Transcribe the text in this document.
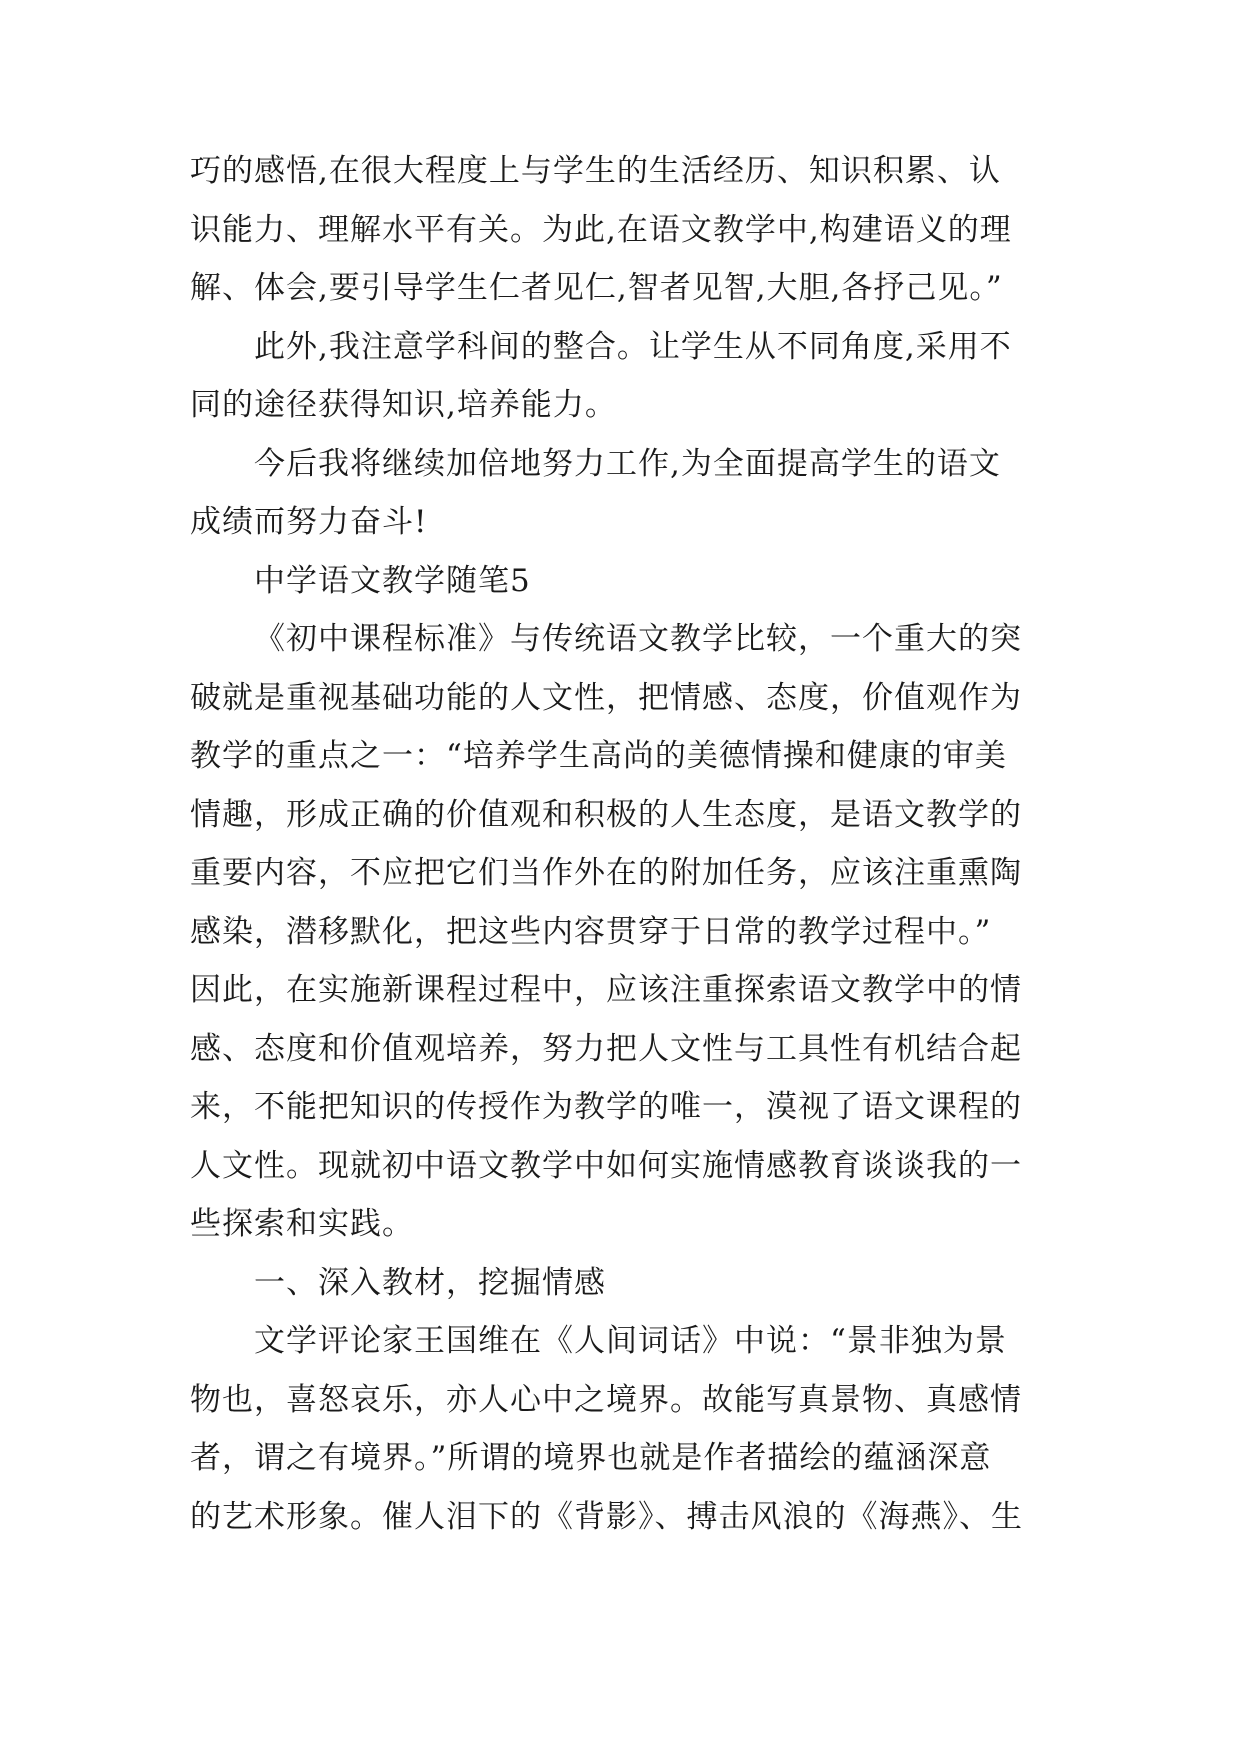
巧的感悟,在很大程度上与学生的生活经历、知识积累、认
识能力、理解水平有关。为此,在语文教学中,构建语义的理
解、体会,要引导学生仁者见仁,智者见智,大胆,各抒己见。”
此外,我注意学科间的整合。让学生从不同角度,采用不
同的途径获得知识,培养能力。
今后我将继续加倍地努力工作,为全面提高学生的语文
成绩而努力奋斗!
中学语文教学随笔5
《初中课程标准》与传统语文教学比较，一个重大的突
破就是重视基础功能的人文性，把情感、态度，价值观作为
教学的重点之一：“培养学生高尚的美德情操和健康的审美
情趣，形成正确的价值观和积极的人生态度，是语文教学的
重要内容，不应把它们当作外在的附加任务，应该注重熏陶
感染，潜移默化，把这些内容贯穿于日常的教学过程中。”
因此，在实施新课程过程中，应该注重探索语文教学中的情
感、态度和价值观培养，努力把人文性与工具性有机结合起
来，不能把知识的传授作为教学的唯一，漠视了语文课程的
人文性。现就初中语文教学中如何实施情感教育谈谈我的一
些探索和实践。
一、深入教材，挖掘情感
文学评论家王国维在《人间词话》中说：“景非独为景
物也，喜怒哀乐，亦人心中之境界。故能写真景物、真感情
者，谓之有境界。”所谓的境界也就是作者描绘的蕴涵深意
的艺术形象。催人泪下的《背影》、搏击风浪的《海燕》、生
